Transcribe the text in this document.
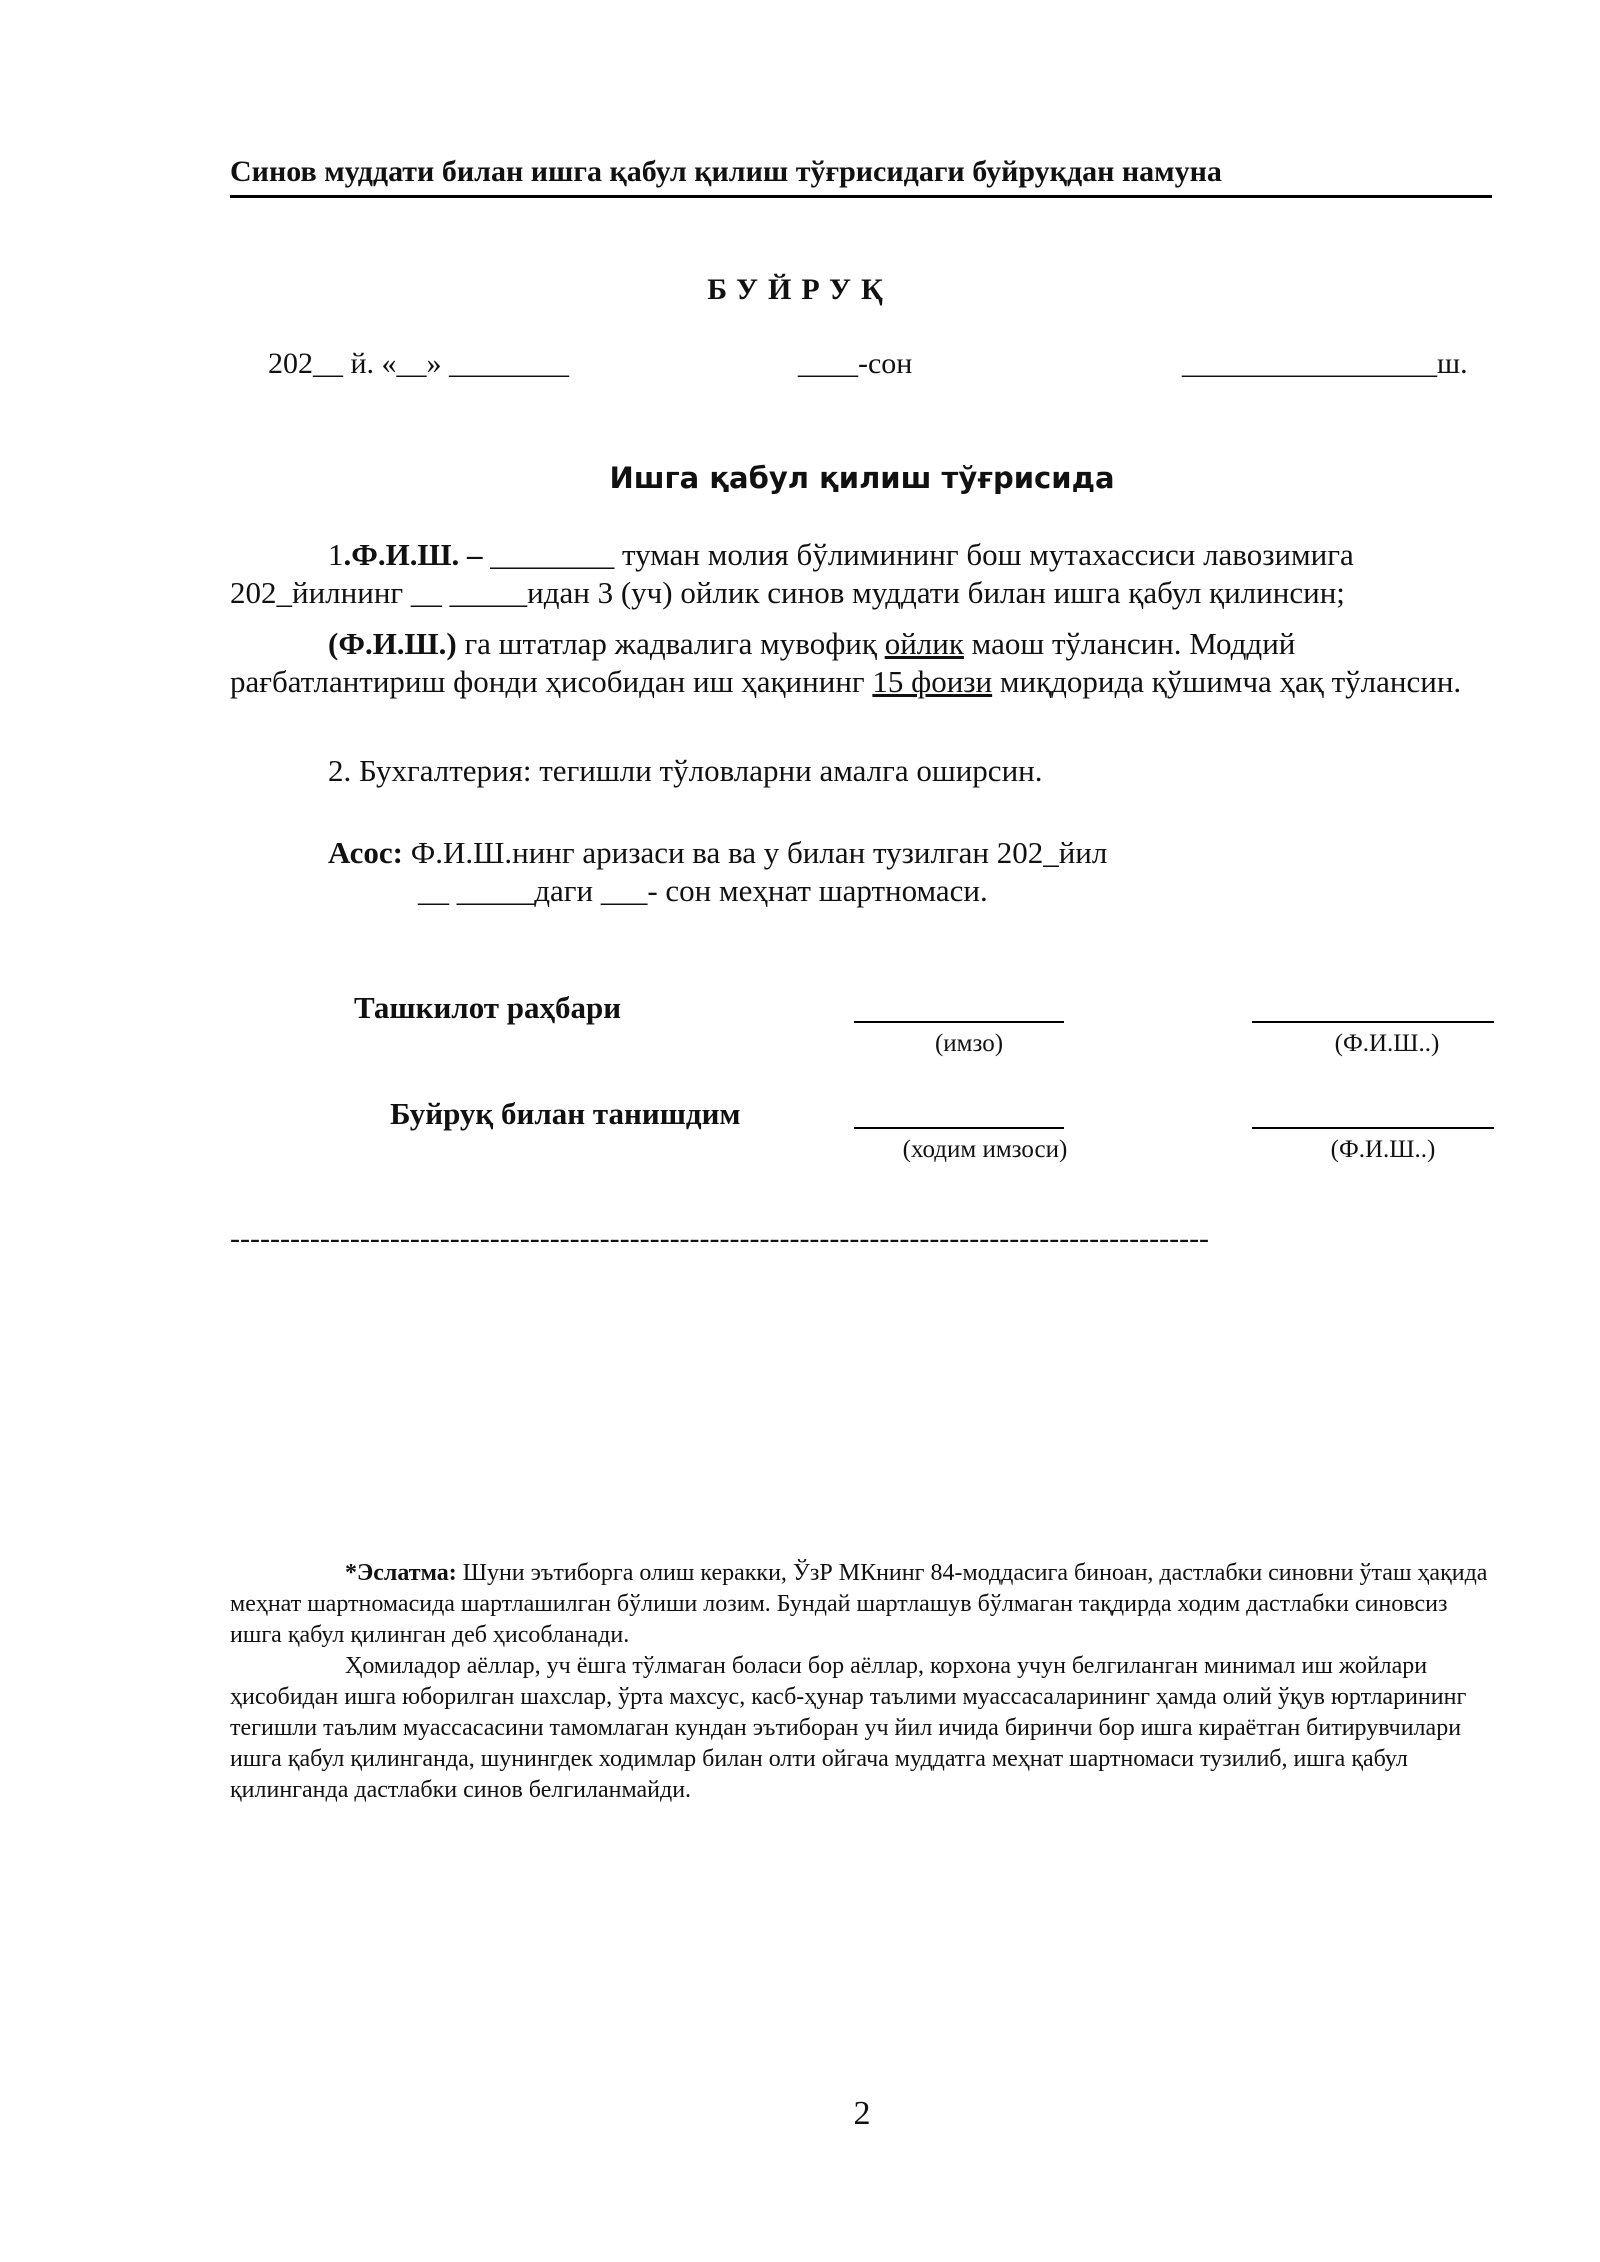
Синов муддати билан ишга қабул қилиш тўғрисидаги буйруқдан намуна
БУЙРУҚ
202__ й. «__» ________	____-сон	_________________ш.
Ишга қабул қилиш тўғрисида

1.Ф.И.Ш. – ________ туман молия бўлимининг бош мутахассиси лавозимига 202_йилнинг __ _____идан 3 (уч) ойлик синов муддати билан ишга қабул қилинсин;

(Ф.И.Ш.) га штатлар жадвалига мувофиқ ойлик маош тўлансин. Моддий рағбатлантириш фонди ҳисобидан иш ҳақининг 15 фоизи миқдорида қўшимча ҳақ тўлансин.

2. Бухгалтерия: тегишли тўловларни амалга оширсин.

Асос: Ф.И.Ш.нинг аризаси ва ва у билан тузилган 202_йил

__ _____даги ___- сон меҳнат шартномаси.

Ташкилот раҳбари
(имзо)	(Ф.И.Ш..)
Буйруқ билан танишдим
(ходим имзоси)	(Ф.И.Ш..)
--------------------------------------------------------------------------------------------------

*Эслатма: Шуни эътиборга олиш керакки, ЎзР МКнинг 84-моддасига биноан, дастлабки синовни ўташ ҳақида меҳнат шартномасида шартлашилган бўлиши лозим. Бундай шартлашув бўлмаган тақдирда ходим дастлабки синовсиз ишга қабул қилинган деб ҳисобланади.

Ҳомиладор аёллар, уч ёшга тўлмаган боласи бор аёллар, корхона учун белгиланган минимал иш жойлари ҳисобидан ишга юборилган шахслар, ўрта махсус, касб-ҳунар таълими муассасаларининг ҳамда олий ўқув юртларининг тегишли таълим муассасасини тамомлаган кундан эътиборан уч йил ичида биринчи бор ишга кираётган битирувчилари ишга қабул қилинганда, шунингдек ходимлар билан олти ойгача муддатга меҳнат шартномаси тузилиб, ишга қабул қилинганда дастлабки синов белгиланмайди.

2
